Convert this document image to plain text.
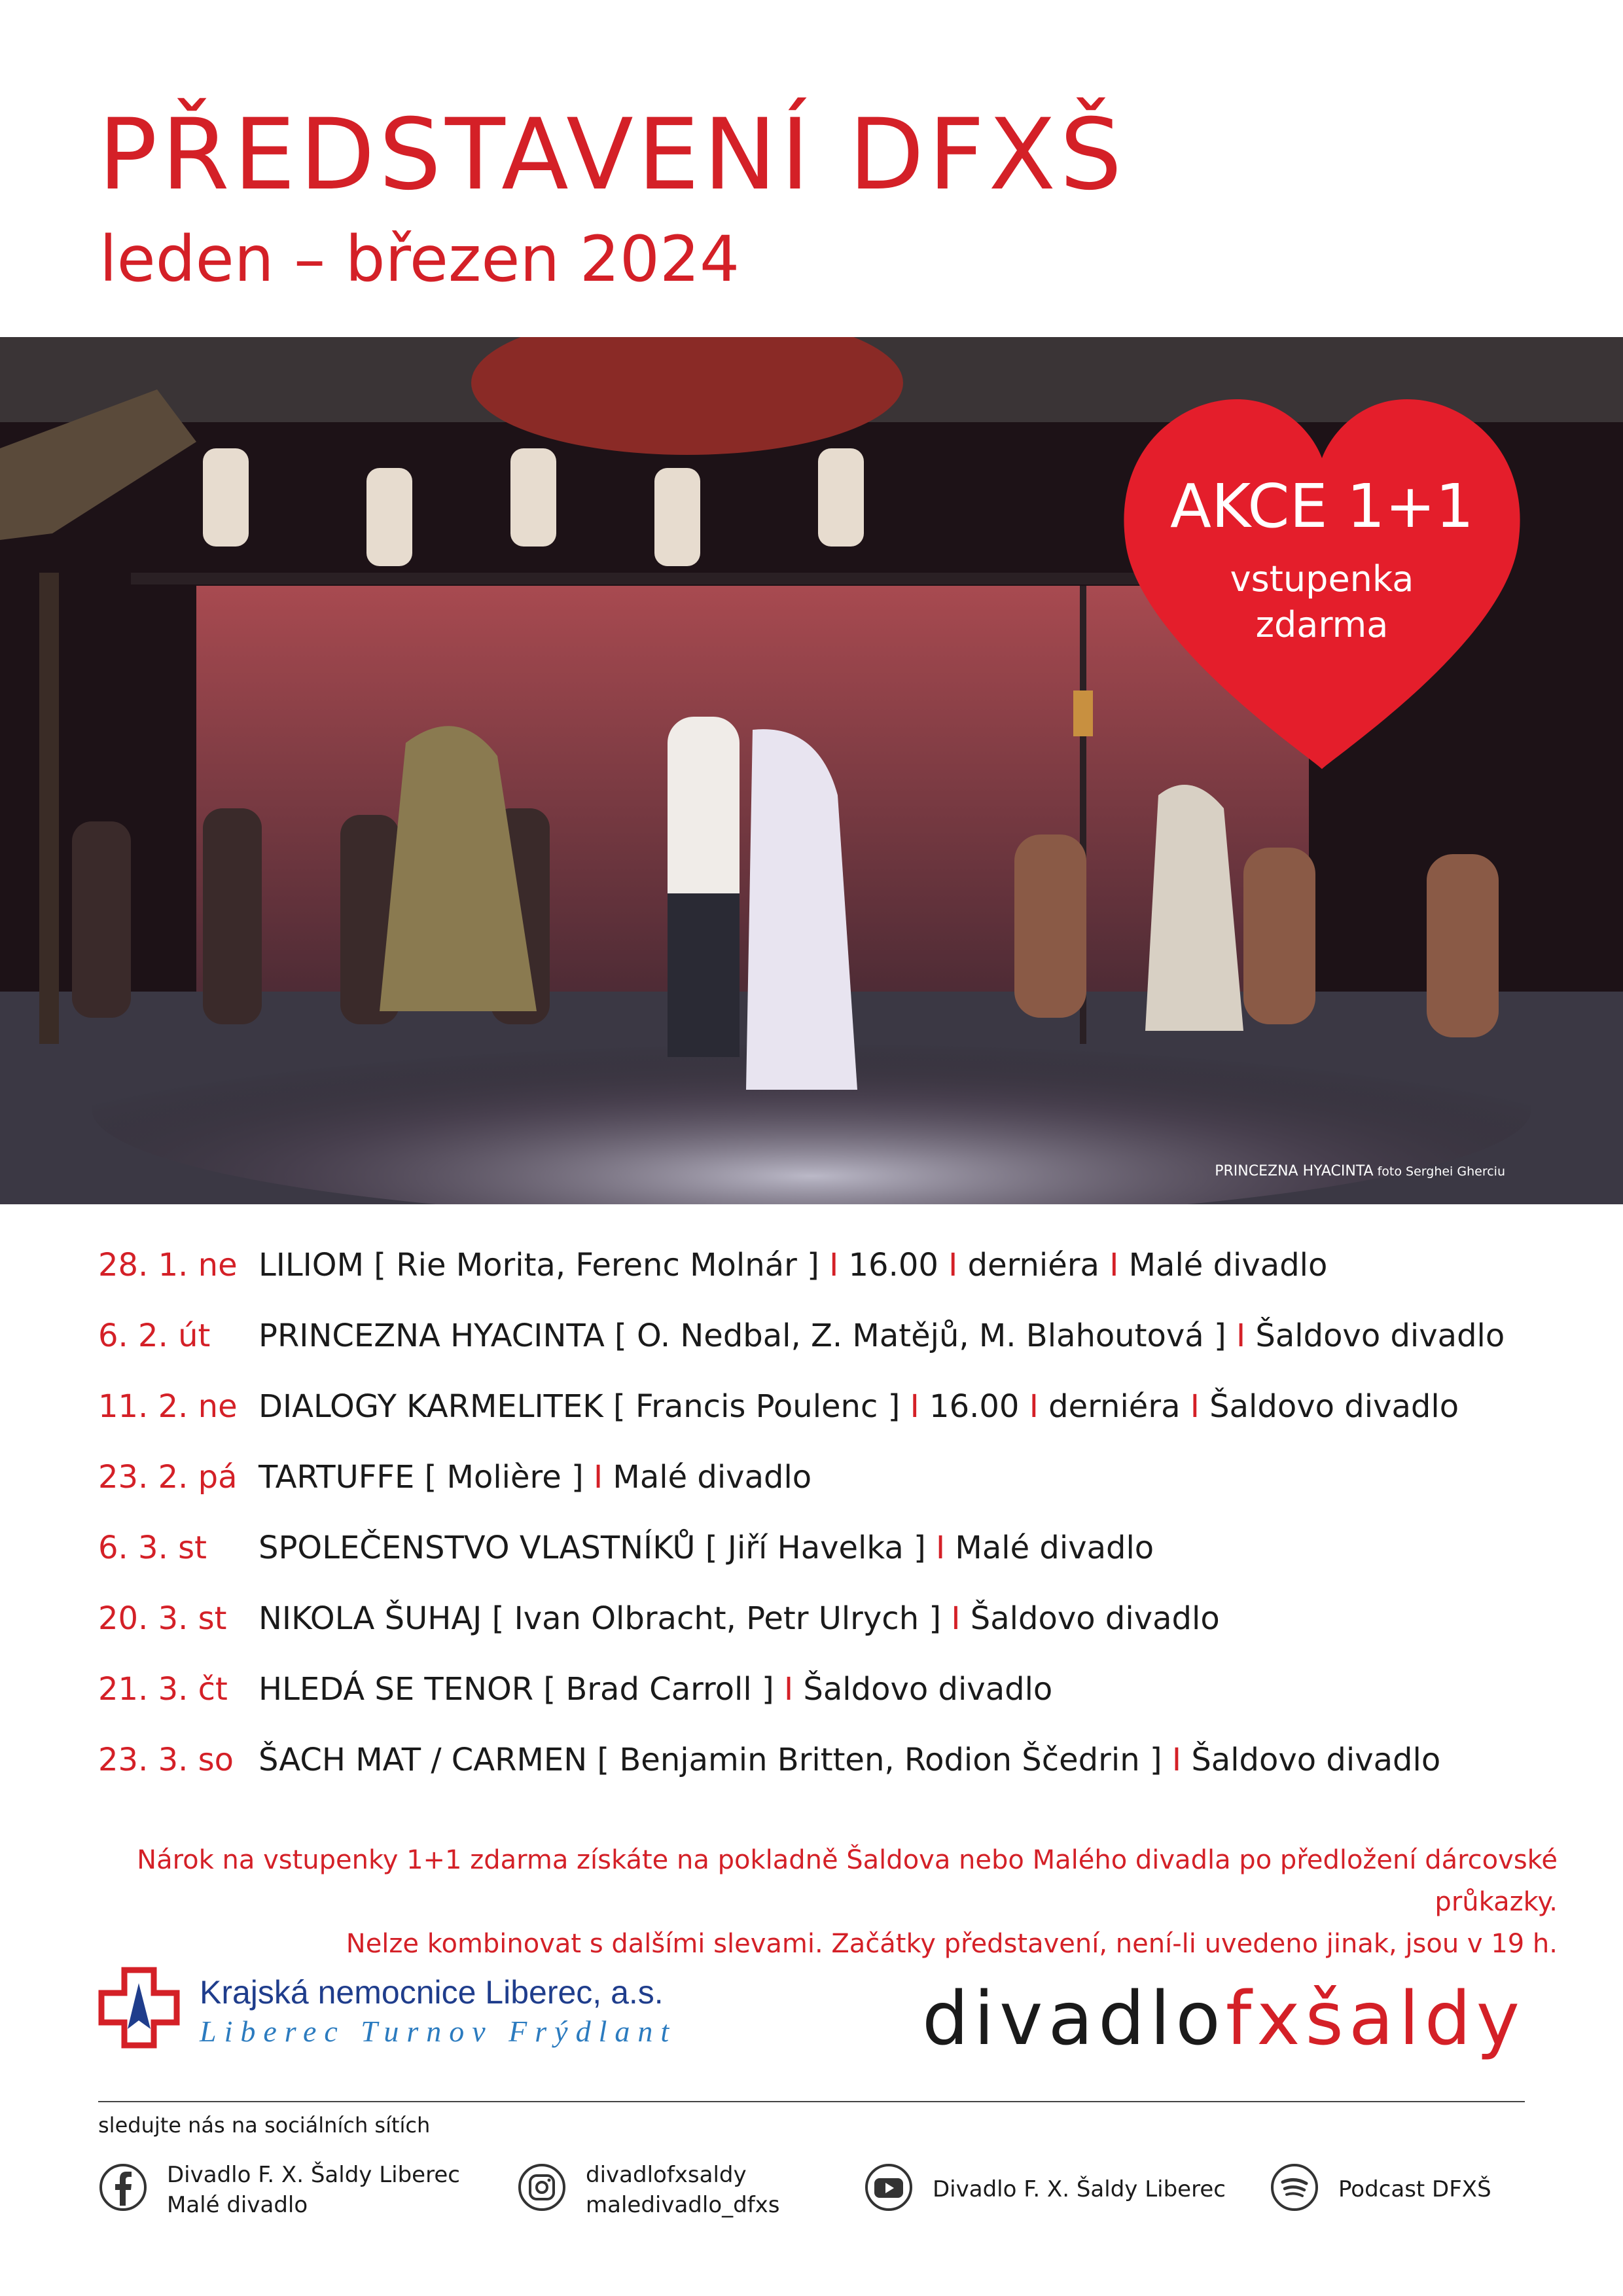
PŘEDSTAVENÍ DFXŠ
leden – březen 2024
PRINCEZNA HYACINTA foto Serghei Gherciu
AKCE 1+1
vstupenka
zdarma
28. 1. ne LILIOM [ Rie Morita, Ferenc Molnár ] I 16.00 I derniéra I Malé divadlo
6. 2. út PRINCEZNA HYACINTA [ O. Nedbal, Z. Matějů, M. Blahoutová ] I Šaldovo divadlo
11. 2. ne DIALOGY KARMELITEK [ Francis Poulenc ] I 16.00 I derniéra I Šaldovo divadlo
23. 2. pá TARTUFFE [ Molière ] I Malé divadlo
6. 3. st SPOLEČENSTVO VLASTNÍKŮ [ Jiří Havelka ] I Malé divadlo
20. 3. st NIKOLA ŠUHAJ [ Ivan Olbracht, Petr Ulrych ] I Šaldovo divadlo
21. 3. čt HLEDÁ SE TENOR [ Brad Carroll ] I Šaldovo divadlo
23. 3. so ŠACH MAT / CARMEN [ Benjamin Britten, Rodion Ščedrin ] I Šaldovo divadlo
Nárok na vstupenky 1+1 zdarma získáte na pokladně Šaldova nebo Malého divadla po předložení dárcovské průkazky.
Nelze kombinovat s dalšími slevami. Začátky představení, není-li uvedeno jinak, jsou v 19 h.
Krajská nemocnice Liberec, a.s.
Liberec Turnov Frýdlant	divadlofxšaldy
sledujte nás na sociálních sítích
Divadlo F. X. Šaldy Liberec
Malé divadlo
divadlofxsaldy
maledivadlo_dfxs
Divadlo F. X. Šaldy Liberec	Podcast DFXŠ
